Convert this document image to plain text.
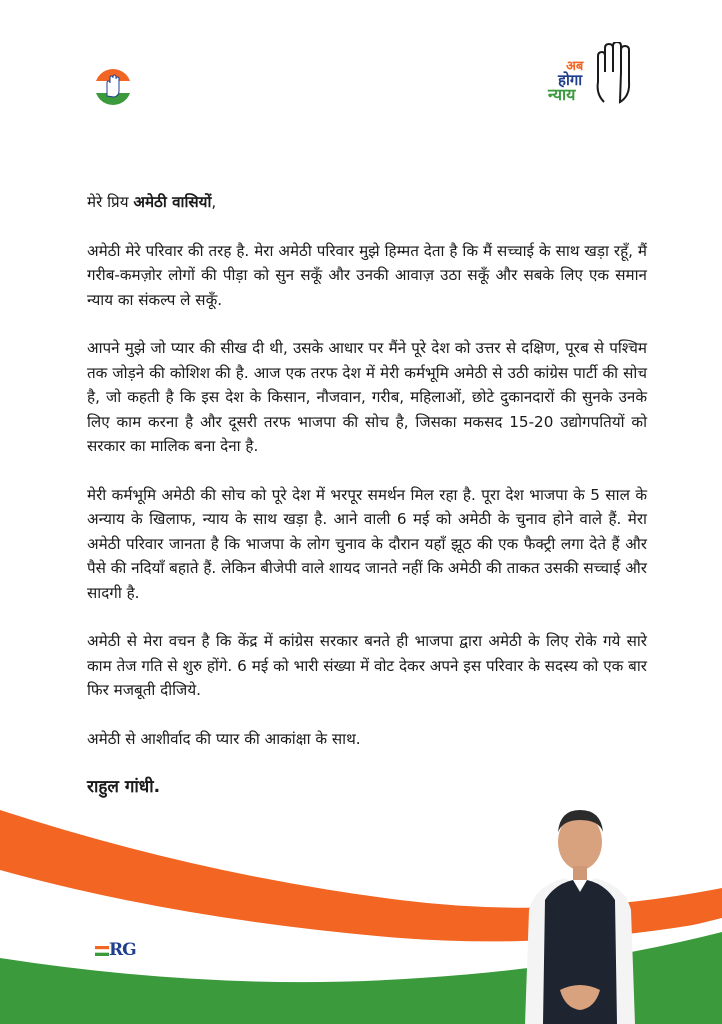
अब
होगा
न्याय

मेरे प्रिय अमेठी वासियों,

अमेठी मेरे परिवार की तरह है. मेरा अमेठी परिवार मुझे हिम्मत देता है कि मैं सच्चाई के साथ खड़ा रहूँ, मैं गरीब-कमज़ोर लोगों की पीड़ा को सुन सकूँ और उनकी आवाज़ उठा सकूँ और सबके लिए एक समान न्याय का संकल्प ले सकूँ.

आपने मुझे जो प्यार की सीख दी थी, उसके आधार पर मैंने पूरे देश को उत्तर से दक्षिण, पूरब से पश्चिम तक जोड़ने की कोशिश की है. आज एक तरफ देश में मेरी कर्मभूमि अमेठी से उठी कांग्रेस पार्टी की सोच है, जो कहती है कि इस देश के किसान, नौजवान, गरीब, महिलाओं, छोटे दुकानदारों की सुनके उनके लिए काम करना है और दूसरी तरफ भाजपा की सोच है, जिसका मकसद 15-20 उद्योगपतियों को सरकार का मालिक बना देना है.

मेरी कर्मभूमि अमेठी की सोच को पूरे देश में भरपूर समर्थन मिल रहा है. पूरा देश भाजपा के 5 साल के अन्याय के खिलाफ, न्याय के साथ खड़ा है. आने वाली 6 मई को अमेठी के चुनाव होने वाले हैं. मेरा अमेठी परिवार जानता है कि भाजपा के लोग चुनाव के दौरान यहाँ झूठ की एक फैक्ट्री लगा देते हैं और पैसे की नदियाँ बहाते हैं. लेकिन बीजेपी वाले शायद जानते नहीं कि अमेठी की ताकत उसकी सच्चाई और सादगी है.

अमेठी से मेरा वचन है कि केंद्र में कांग्रेस सरकार बनते ही भाजपा द्वारा अमेठी के लिए रोके गये सारे काम तेज गति से शुरु होंगे. 6 मई को भारी संख्या में वोट देकर अपने इस परिवार के सदस्य को एक बार फिर मजबूती दीजिये.

अमेठी से आशीर्वाद की प्यार की आकांक्षा के साथ.

राहुल गांधी.

RG
